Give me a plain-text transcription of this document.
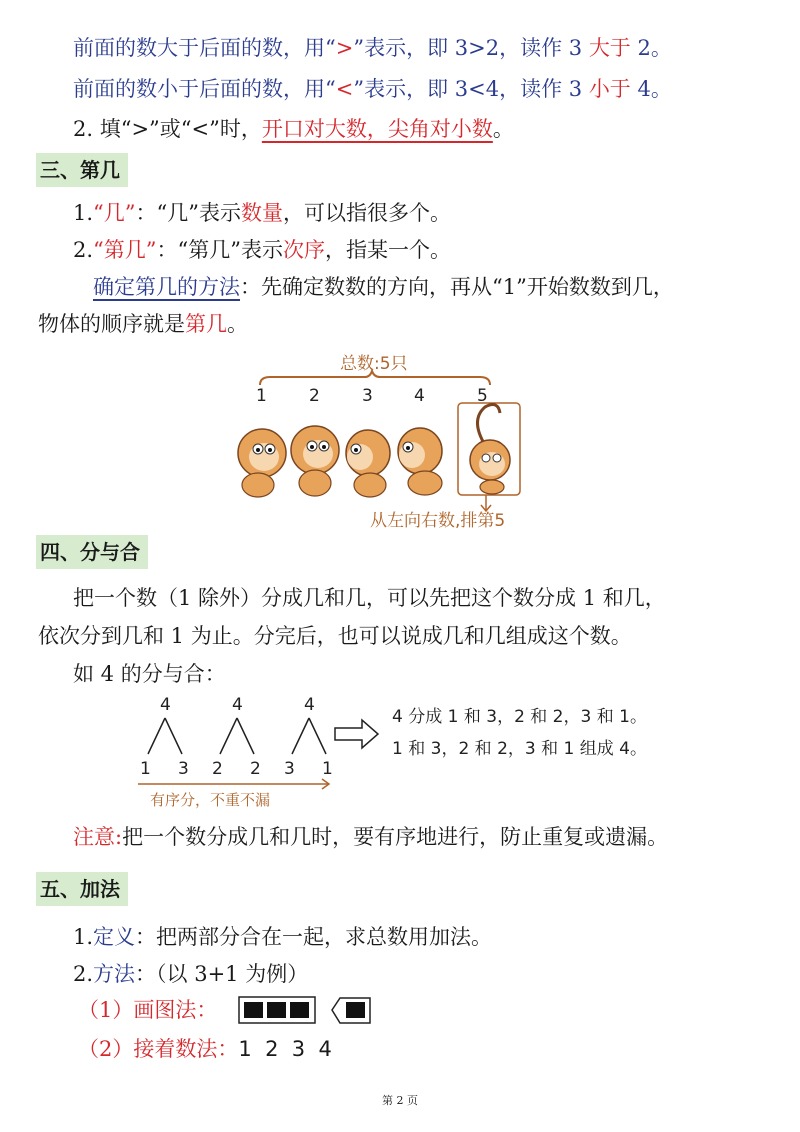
前面的数大于后面的数，用“>”表示，即 3>2，读作 3 大于 2。
前面的数小于后面的数，用“<”表示，即 3<4，读作 3 小于 4。
2. 填“>”或“<”时，开口对大数，尖角对小数。
三、第几
1.“几”：“几”表示数量，可以指很多个。
2.“第几”：“第几”表示次序，指某一个。
确定第几的方法：先确定数数的方向，再从“1”开始数数到几，
物体的顺序就是第几。
总数:5只
1 2 3 4	5
从左向右数,排第5
四、分与合
把一个数（1 除外）分成几和几，可以先把这个数分成 1 和几，
依次分到几和 1 为止。分完后，也可以说成几和几组成这个数。
如 4 的分与合：
4
1 3
4
2 2
4
3 1
有序分，不重不漏
4 分成 1 和 3，2 和 2，3 和 1。
1 和 3，2 和 2，3 和 1 组成 4。
注意:把一个数分成几和几时，要有序地进行，防止重复或遗漏。
五、加法
1.定义：把两部分合在一起，求总数用加法。
2.方法：（以 3+1 为例）
（1）画图法：
（2）接着数法：1  2  3  4
第 2 页
